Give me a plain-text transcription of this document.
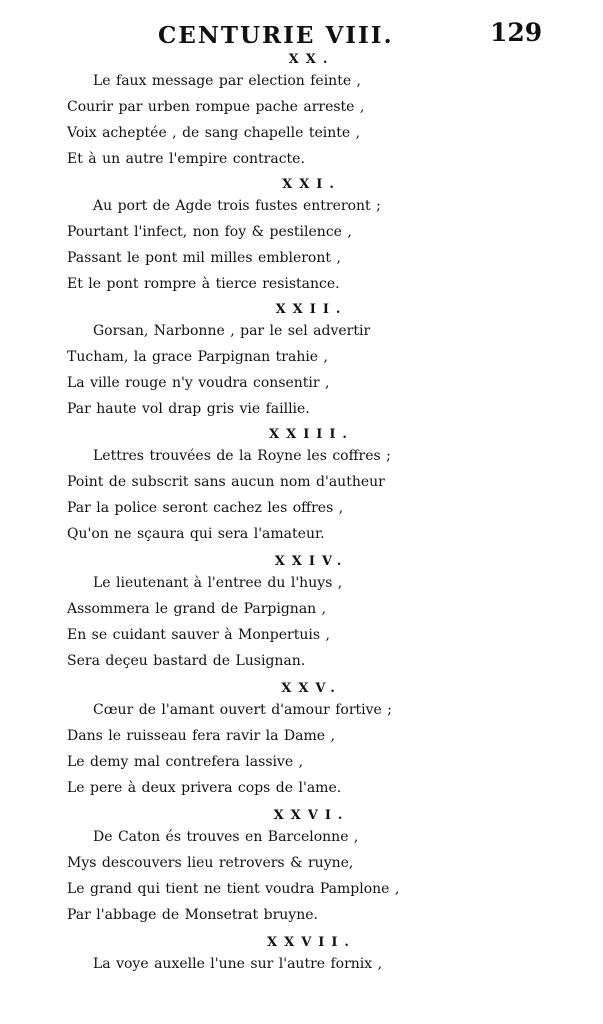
CENTURIE VIII.	129
XX.
Le faux message par election feinte ,
Courir par urben rompue pache arreste ,
Voix acheptée , de sang chapelle teinte ,
Et à un autre l'empire contracte.
XXI.
Au port de Agde trois fustes entreront ;
Pourtant l'infect, non foy & pestilence ,
Passant le pont mil milles embleront ,
Et le pont rompre à tierce resistance.
XXII.
Gorsan, Narbonne , par le sel advertir
Tucham, la grace Parpignan trahie ,
La ville rouge n'y voudra consentir ,
Par haute vol drap gris vie faillie.
XXIII.
Lettres trouvées de la Royne les coffres ;
Point de subscrit sans aucun nom d'autheur
Par la police seront cachez les offres ,
Qu'on ne sçaura qui sera l'amateur.
XXIV.
Le lieutenant à l'entree du l'huys ,
Assommera le grand de Parpignan ,
En se cuidant sauver à Monpertuis ,
Sera deçeu bastard de Lusignan.
XXV.
Cœur de l'amant ouvert d'amour fortive ;
Dans le ruisseau fera ravir la Dame ,
Le demy mal contrefera lassive ,
Le pere à deux privera cops de l'ame.
XXVI.
De Caton és trouves en Barcelonne ,
Mys descouvers lieu retrovers & ruyne,
Le grand qui tient ne tient voudra Pamplone ,
Par l'abbage de Monsetrat bruyne.
XXVII.
La voye auxelle l'une sur l'autre fornix ,
